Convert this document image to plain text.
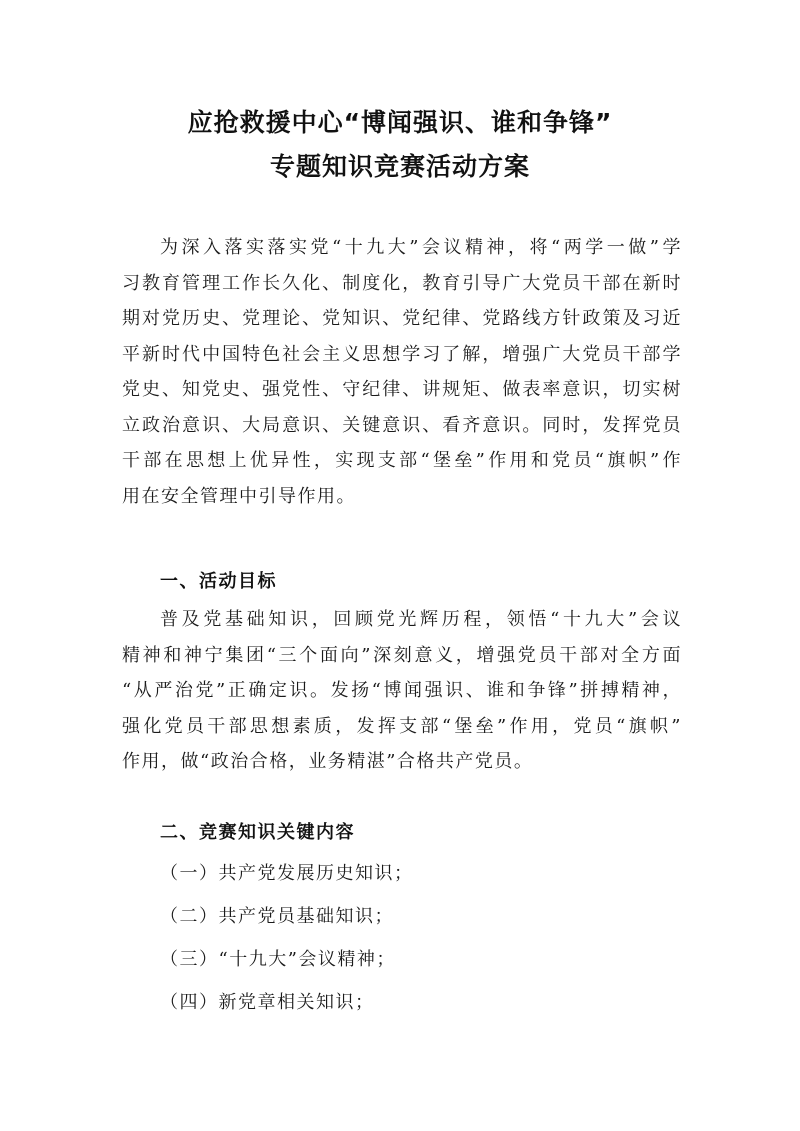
应抢救援中心“博闻强识、谁和争锋”
专题知识竞赛活动方案
为深入落实落实党“十九大”会议精神，将“两学一做”学
习教育管理工作长久化、制度化，教育引导广大党员干部在新时
期对党历史、党理论、党知识、党纪律、党路线方针政策及习近
平新时代中国特色社会主义思想学习了解，增强广大党员干部学
党史、知党史、强党性、守纪律、讲规矩、做表率意识，切实树
立政治意识、大局意识、关键意识、看齐意识。同时，发挥党员
干部在思想上优异性，实现支部“堡垒”作用和党员“旗帜”作
用在安全管理中引导作用。
一、活动目标
普及党基础知识，回顾党光辉历程，领悟“十九大”会议
精神和神宁集团“三个面向”深刻意义，增强党员干部对全方面
“从严治党”正确定识。发扬“博闻强识、谁和争锋”拼搏精神，
强化党员干部思想素质，发挥支部“堡垒”作用，党员“旗帜”
作用，做“政治合格，业务精湛”合格共产党员。
二、竞赛知识关键内容
（一）共产党发展历史知识；
（二）共产党员基础知识；
（三）“十九大”会议精神；
（四）新党章相关知识；
